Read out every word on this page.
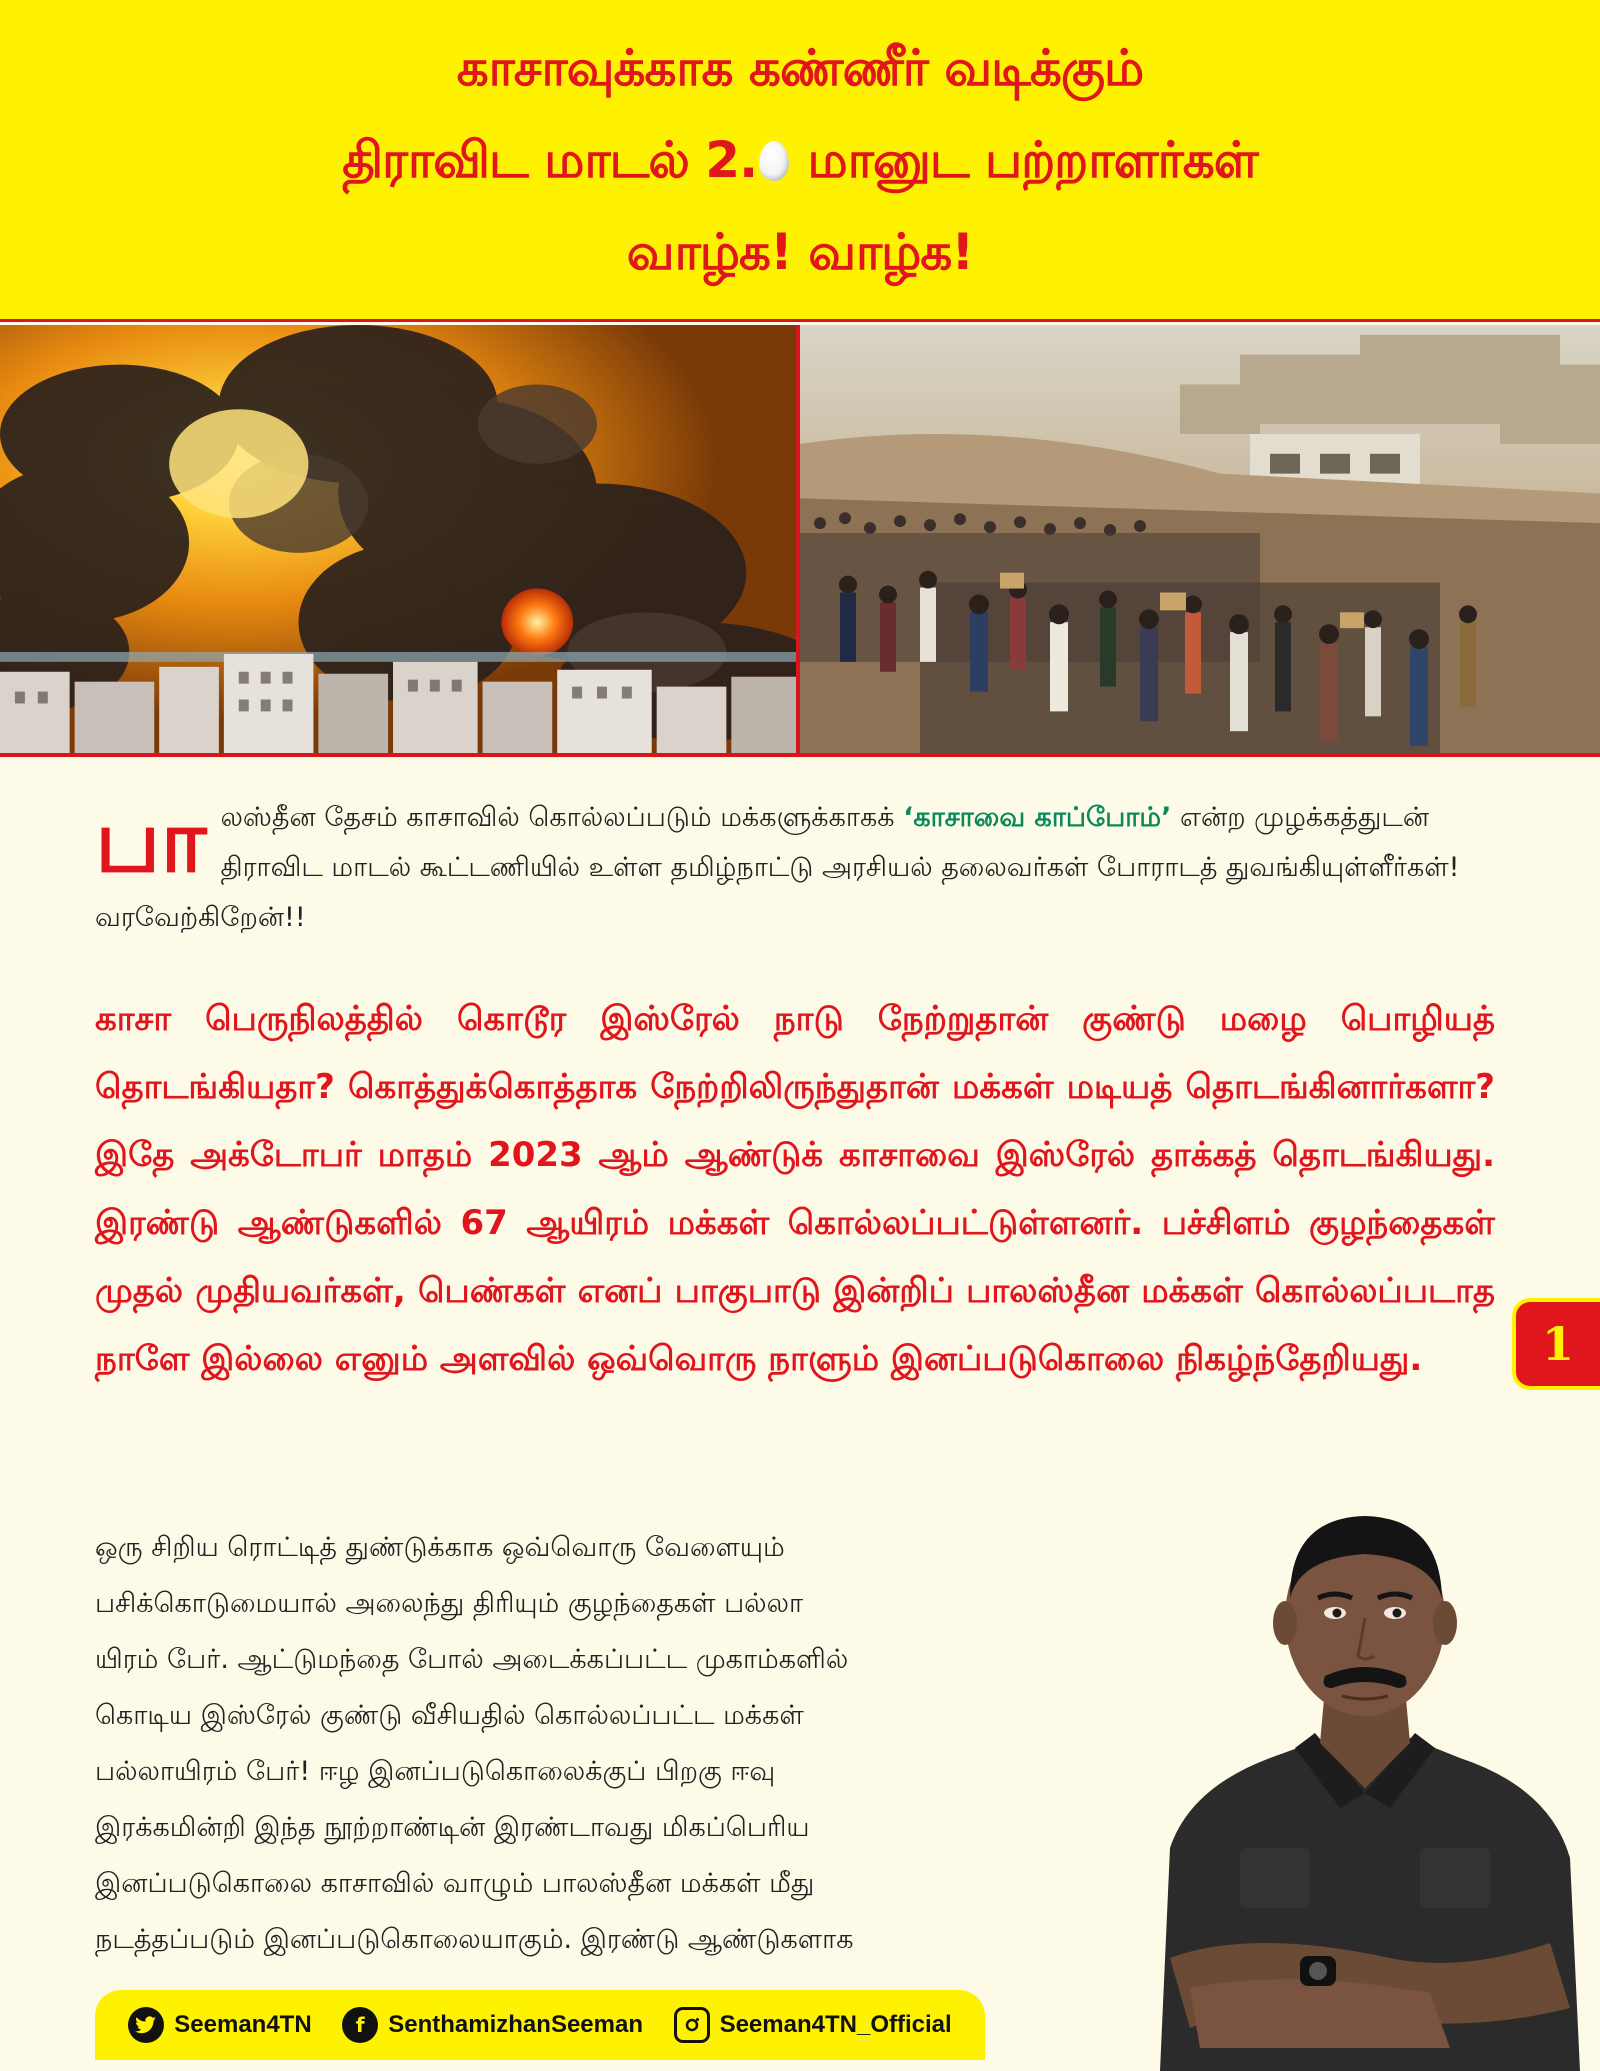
காசாவுக்காக கண்ணீர் வடிக்கும்
திராவிட மாடல் 2. மானுட பற்றாளர்கள்
வாழ்க! வாழ்க!
பாலஸ்தீன தேசம் காசாவில் கொல்லப்படும் மக்களுக்காகக் ‘காசாவை காப்போம்’ என்ற முழக்கத்துடன் திராவிட மாடல் கூட்டணியில் உள்ள தமிழ்நாட்டு அரசியல் தலைவர்கள் போராடத் துவங்கியுள்ளீர்கள்! வரவேற்கிறேன்!!
காசா பெருநிலத்தில் கொடூர இஸ்ரேல் நாடு நேற்றுதான் குண்டு மழை பொழியத் தொடங்கியதா? கொத்துக்கொத்தாக நேற்றிலிருந்துதான் மக்கள் மடியத் தொடங்கினார்களா? இதே அக்டோபர் மாதம் 2023 ஆம் ஆண்டுக் காசாவை இஸ்ரேல் தாக்கத் தொடங்கியது. இரண்டு ஆண்டுகளில் 67 ஆயிரம் மக்கள் கொல்லப்பட்டுள்ளனர். பச்சிளம் குழந்தைகள் முதல் முதியவர்கள், பெண்கள் எனப் பாகுபாடு இன்றிப் பாலஸ்தீன மக்கள் கொல்லப்படாத நாளே இல்லை எனும் அளவில் ஒவ்வொரு நாளும் இனப்படுகொலை நிகழ்ந்தேறியது.
ஒரு சிறிய ரொட்டித் துண்டுக்காக ஒவ்வொரு வேளையும்
பசிக்கொடுமையால் அலைந்து திரியும் குழந்தைகள் பல்லா
யிரம் பேர். ஆட்டுமந்தை போல் அடைக்கப்பட்ட முகாம்களில்
கொடிய இஸ்ரேல் குண்டு வீசியதில் கொல்லப்பட்ட மக்கள்
பல்லாயிரம் பேர்! ஈழ இனப்படுகொலைக்குப் பிறகு ஈவு
இரக்கமின்றி இந்த நூற்றாண்டின் இரண்டாவது மிகப்பெரிய
இனப்படுகொலை காசாவில் வாழும் பாலஸ்தீன மக்கள் மீது
நடத்தப்படும் இனப்படுகொலையாகும். இரண்டு ஆண்டுகளாக
1
Seeman4TN	f SenthamizhanSeeman	Seeman4TN_Official
